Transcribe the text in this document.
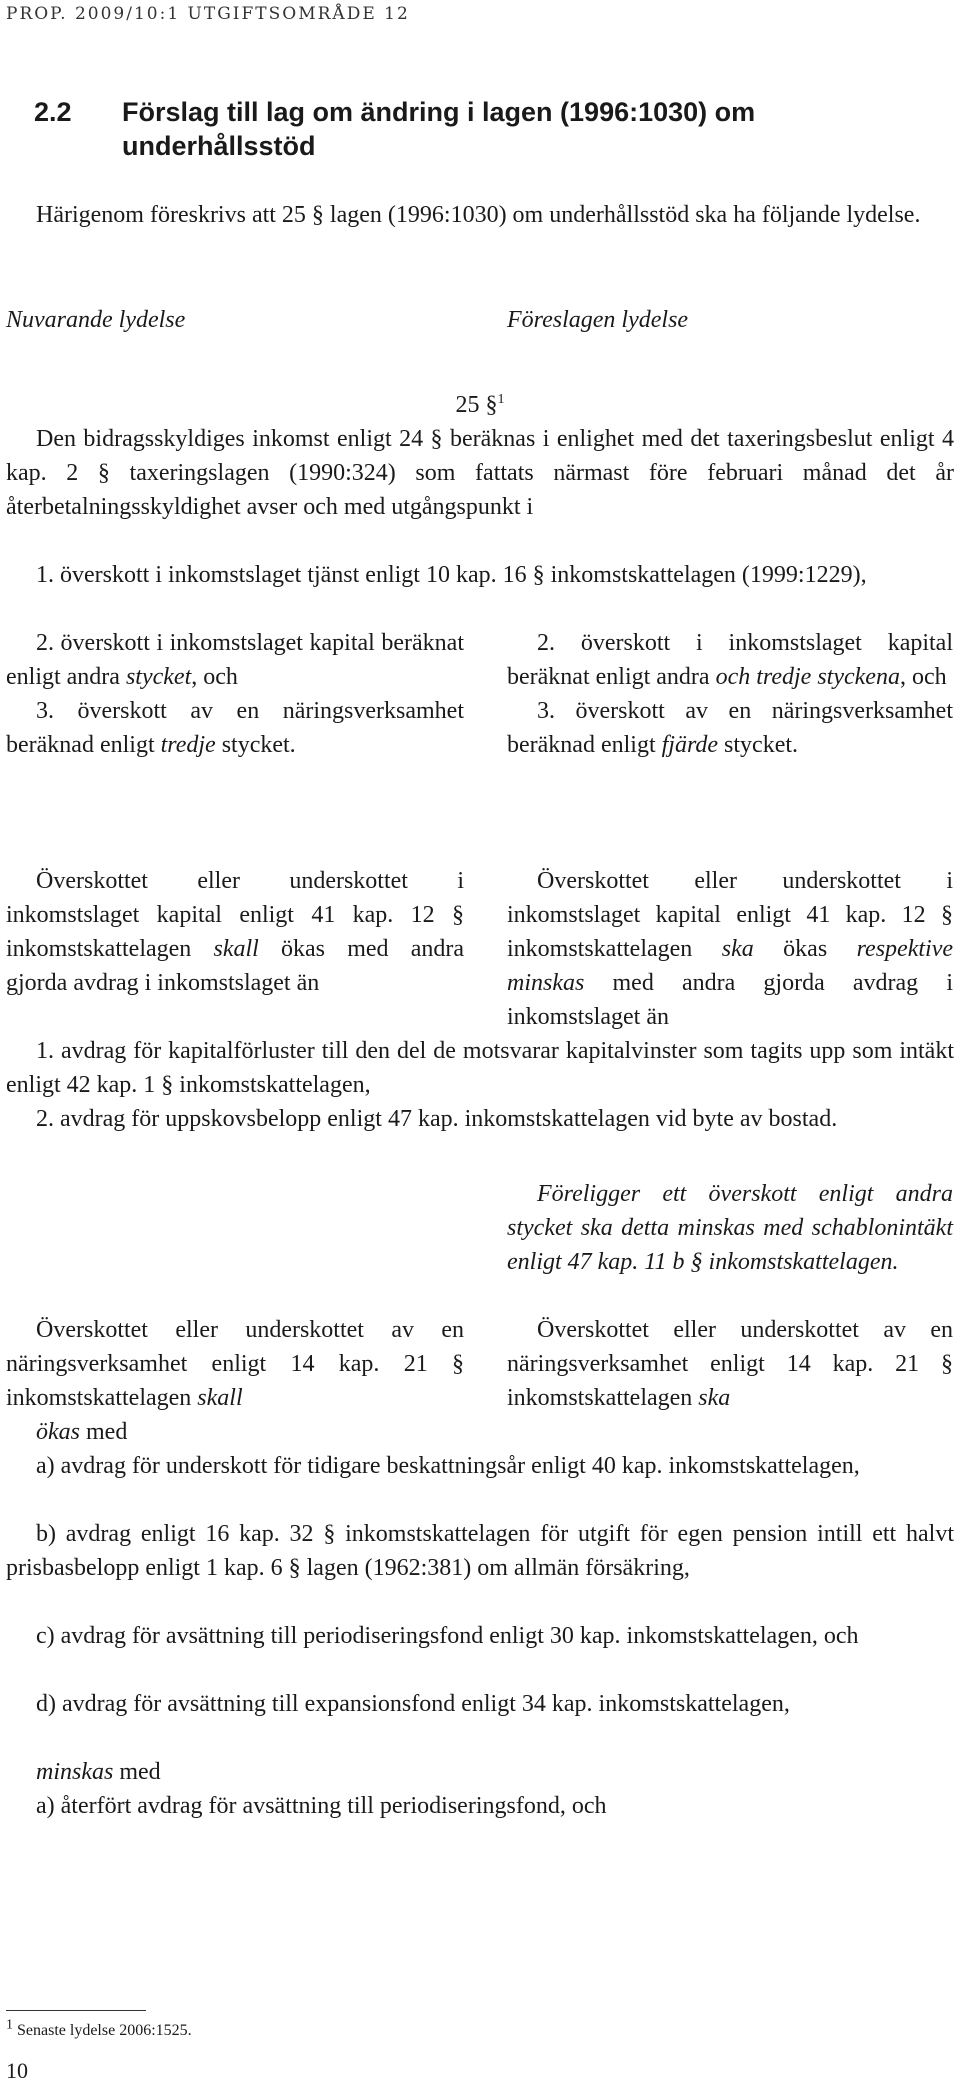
PROP. 2009/10:1 UTGIFTSOMRÅDE 12
2.2 Förslag till lag om ändring i lagen (1996:1030) om
underhållsstöd

Härigenom föreskrivs att 25 § lagen (1996:1030) om underhållsstöd ska ha följande lydelse.

Nuvarande lydelse	Föreslagen lydelse
25 §$^1$

Den bidragsskyldiges inkomst enligt 24 § beräknas i enlighet med det taxeringsbeslut enligt 4 kap. 2 § taxeringslagen (1990:324) som fattats närmast före februari månad det år återbetalningsskyldighet avser och med utgångspunkt i

1. överskott i inkomstslaget tjänst enligt 10 kap. 16 § inkomstskattelagen (1999:1229),

2. överskott i inkomstslaget kapital beräknat enligt andra stycket, och

3. överskott av en näringsverksamhet beräknad enligt tredje stycket.

2. överskott i inkomstslaget kapital beräknat enligt andra och tredje styckena, och

3. överskott av en näringsverksamhet beräknad enligt fjärde stycket.

Överskottet eller underskottet i inkomstslaget kapital enligt 41 kap. 12 § inkomstskattelagen skall ökas med andra gjorda avdrag i inkomstslaget än

Överskottet eller underskottet i inkomstslaget kapital enligt 41 kap. 12 § inkomstskattelagen ska ökas respektive minskas med andra gjorda avdrag i inkomstslaget än

1. avdrag för kapitalförluster till den del de motsvarar kapitalvinster som tagits upp som intäkt enligt 42 kap. 1 § inkomstskattelagen,

2. avdrag för uppskovsbelopp enligt 47 kap. inkomstskattelagen vid byte av bostad.

Föreligger ett överskott enligt andra stycket ska detta minskas med schablonintäkt enligt 47 kap. 11 b § inkomstskattelagen.

Överskottet eller underskottet av en näringsverksamhet enligt 14 kap. 21 § inkomstskattelagen skall

Överskottet eller underskottet av en näringsverksamhet enligt 14 kap. 21 § inkomstskattelagen ska

ökas med

a) avdrag för underskott för tidigare beskattningsår enligt 40 kap. inkomstskattelagen,

b) avdrag enligt 16 kap. 32 § inkomstskattelagen för utgift för egen pension intill ett halvt prisbasbelopp enligt 1 kap. 6 § lagen (1962:381) om allmän försäkring,

c) avdrag för avsättning till periodiseringsfond enligt 30 kap. inkomstskattelagen, och

d) avdrag för avsättning till expansionsfond enligt 34 kap. inkomstskattelagen,

minskas med

a) återfört avdrag för avsättning till periodiseringsfond, och

1 Senaste lydelse 2006:1525.
10
